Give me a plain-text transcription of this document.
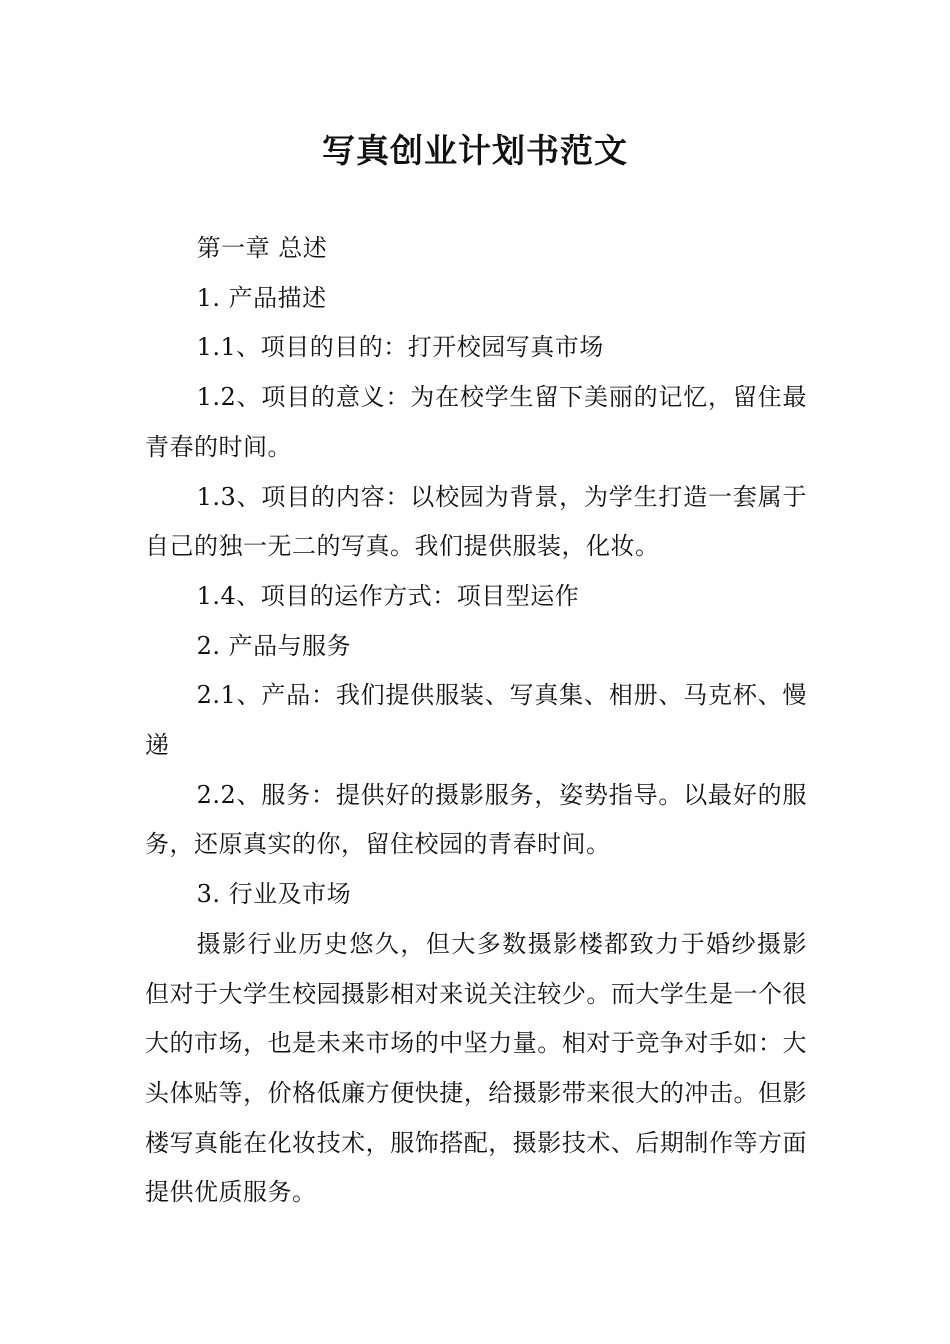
写真创业计划书范文

第一章 总述

1. 产品描述

1.1、项目的目的：打开校园写真市场

1.2、项目的意义：为在校学生留下美丽的记忆，留住最青春的时间。

1.3、项目的内容：以校园为背景，为学生打造一套属于自己的独一无二的写真。我们提供服装，化妆。

1.4、项目的运作方式：项目型运作

2. 产品与服务

2.1、产品：我们提供服装、写真集、相册、马克杯、慢递

2.2、服务：提供好的摄影服务，姿势指导。以最好的服务，还原真实的你，留住校园的青春时间。

3. 行业及市场

摄影行业历史悠久，但大多数摄影楼都致力于婚纱摄影但对于大学生校园摄影相对来说关注较少。而大学生是一个很大的市场，也是未来市场的中坚力量。相对于竞争对手如：大头体贴等，价格低廉方便快捷，给摄影带来很大的冲击。但影楼写真能在化妆技术，服饰搭配，摄影技术、后期制作等方面提供优质服务。
